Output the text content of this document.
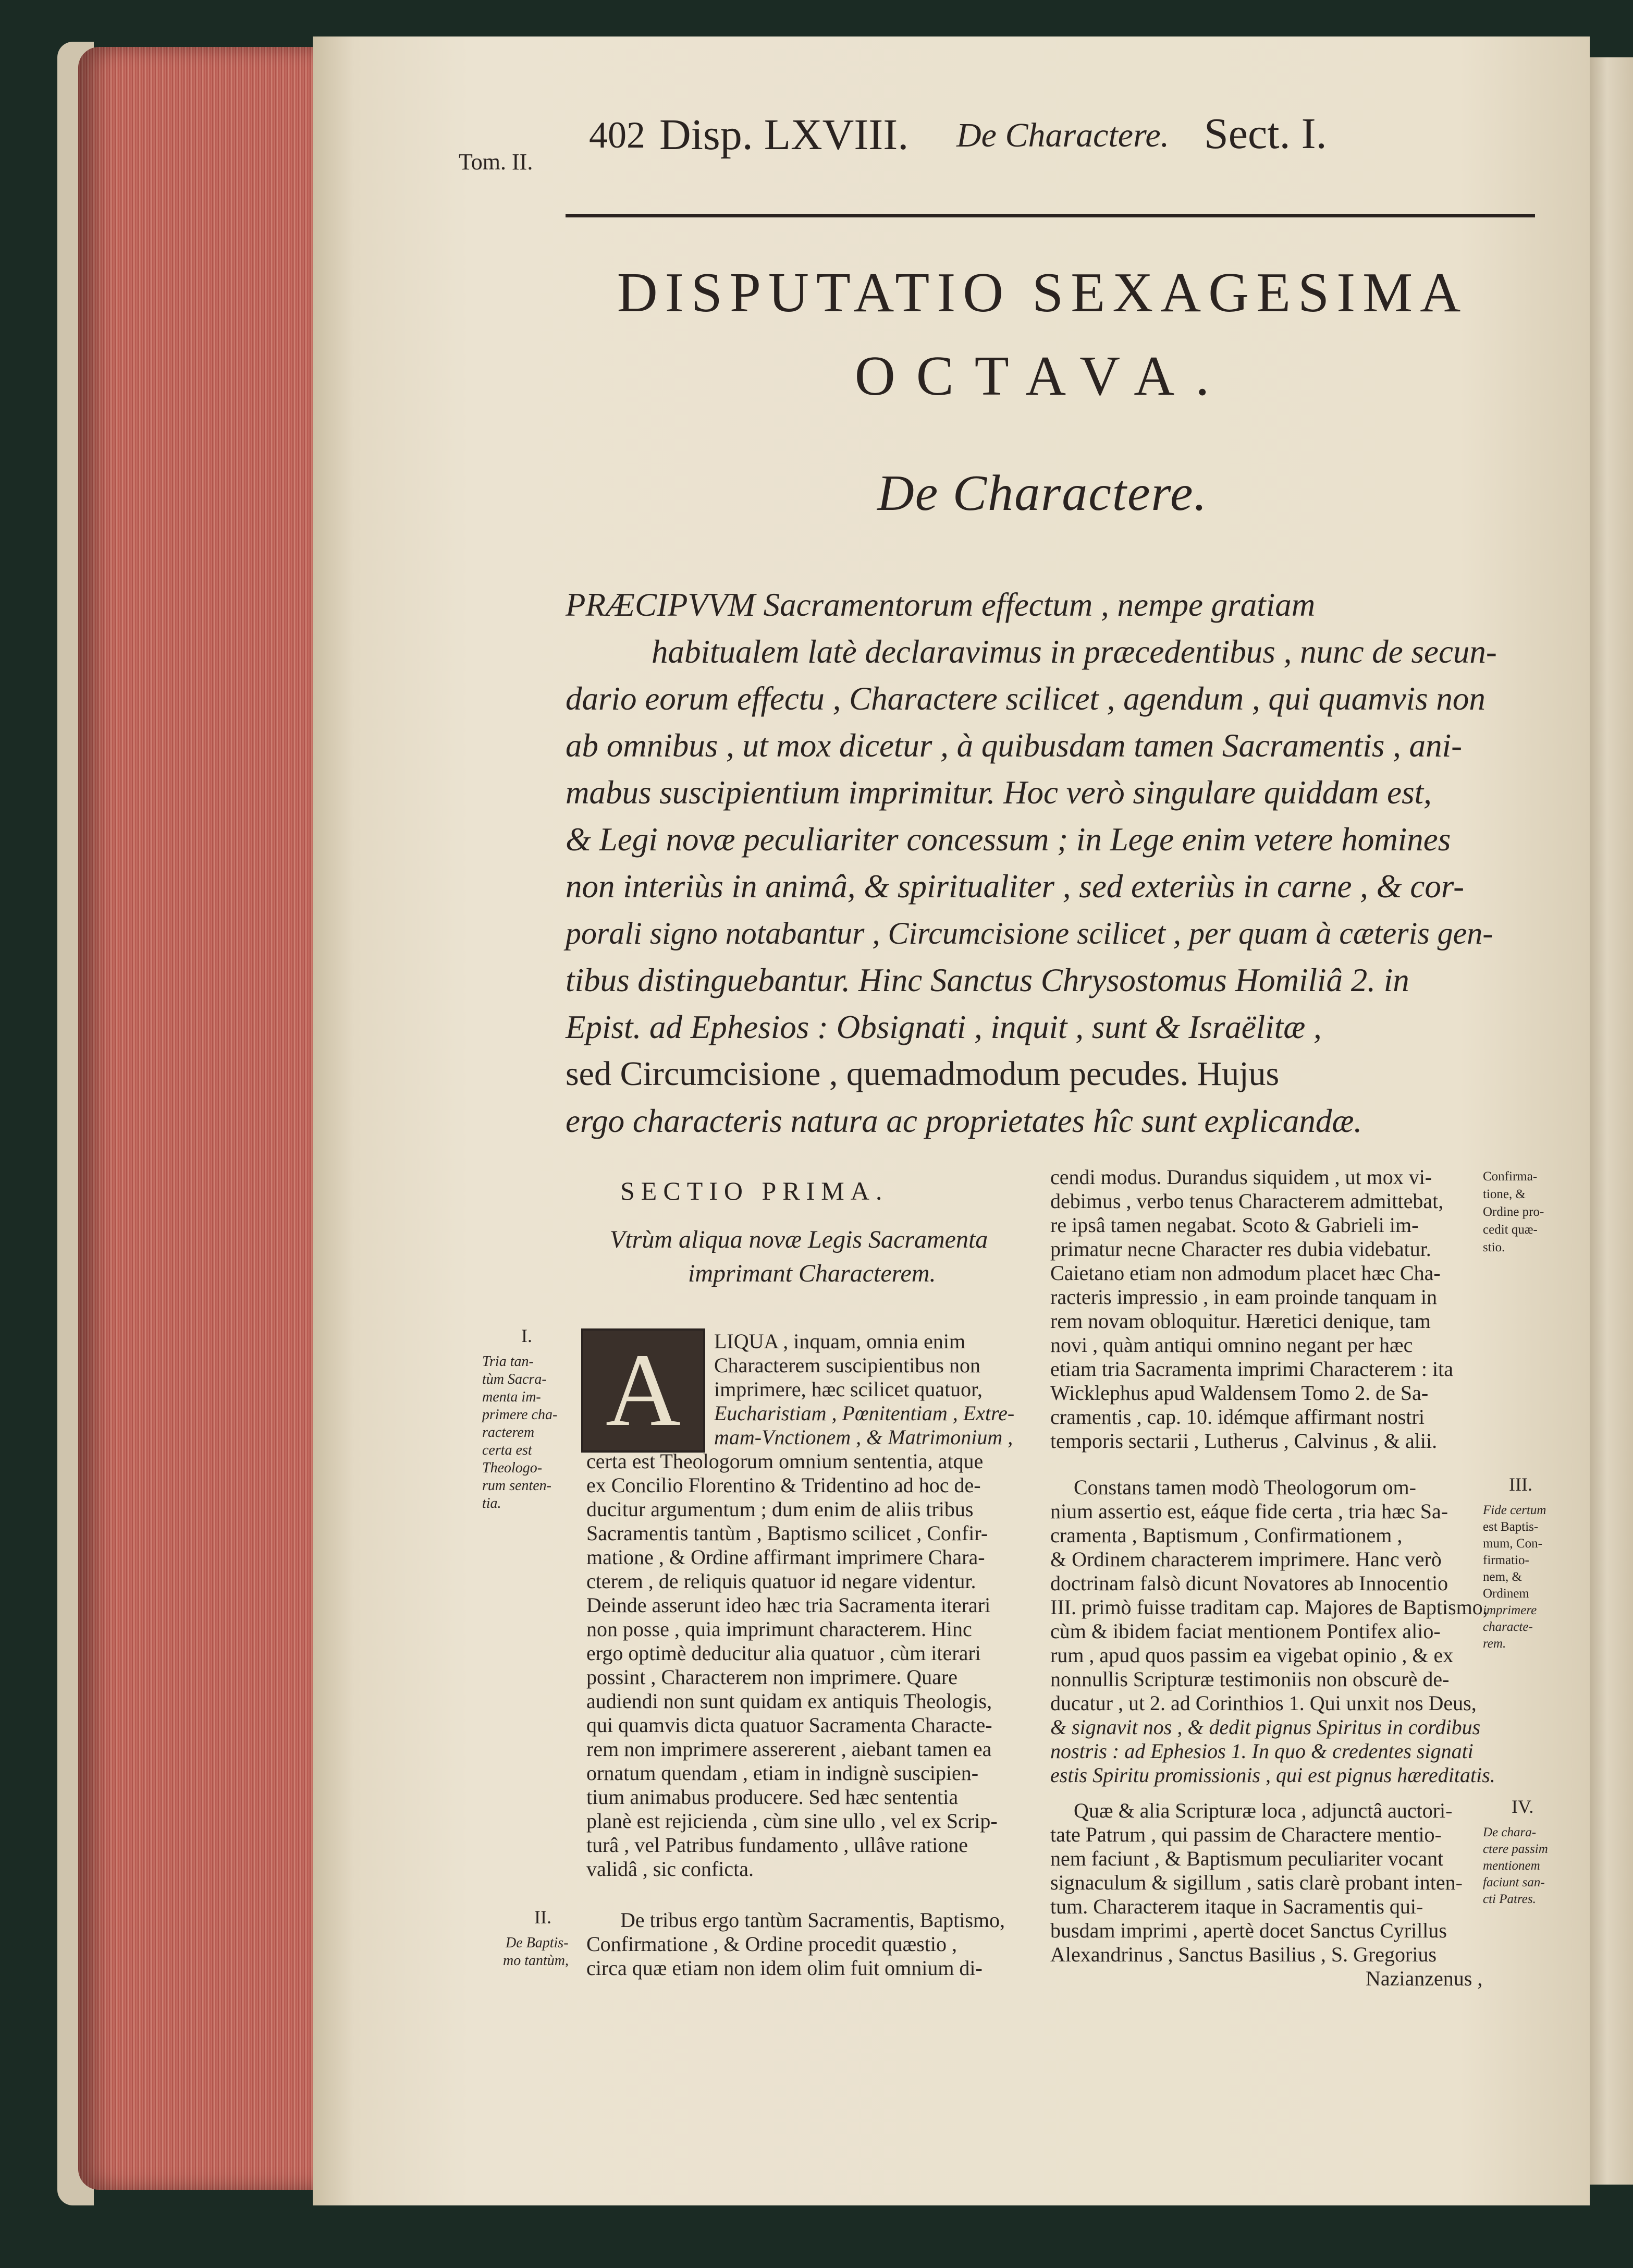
Tom. II.
402 Disp. LXVIII. De Charactere. Sect. I.
DISPUTATIO SEXAGESIMA
OCTAVA.
De Charactere.
PRÆCIPVVM Sacramentorum effectum , nempe gratiam
habitualem latè declaravimus in præcedentibus , nunc de secun-
dario eorum effectu , Charactere scilicet , agendum , qui quamvis non
ab omnibus , ut mox dicetur , à quibusdam tamen Sacramentis , ani-
mabus suscipientium imprimitur. Hoc verò singulare quiddam est,
& Legi novæ peculiariter concessum ; in Lege enim vetere homines
non interiùs in animâ, & spiritualiter , sed exteriùs in carne , & cor-
porali signo notabantur , Circumcisione scilicet , per quam à cæteris gen-
tibus distinguebantur. Hinc Sanctus Chrysostomus Homiliâ 2. in
Epist. ad Ephesios : Obsignati , inquit , sunt & Israëlitæ ,
sed Circumcisione , quemadmodum pecudes. Hujus
ergo characteris natura ac proprietates hîc sunt explicandæ.
SECTIO PRIMA.
Vtrùm aliqua novæ Legis Sacramenta
imprimant Characterem.
A	LIQUA , inquam, omnia enim
Characterem suscipientibus non
imprimere, hæc scilicet quatuor,
Eucharistiam , Pœnitentiam , Extre-
mam-Vnctionem , & Matrimonium ,
certa est Theologorum omnium sententia, atque
ex Concilio Florentino & Tridentino ad hoc de-
ducitur argumentum ; dum enim de aliis tribus
Sacramentis tantùm , Baptismo scilicet , Confir-
matione , & Ordine affirmant imprimere Chara-
cterem , de reliquis quatuor id negare videntur.
Deinde asserunt ideo hæc tria Sacramenta iterari
non posse , quia imprimunt characterem. Hinc
ergo optimè deducitur alia quatuor , cùm iterari
possint , Characterem non imprimere. Quare
audiendi non sunt quidam ex antiquis Theologis,
qui quamvis dicta quatuor Sacramenta Characte-
rem non imprimere assererent , aiebant tamen ea
ornatum quendam , etiam in indignè suscipien-
tium animabus producere. Sed hæc sententia
planè est rejicienda , cùm sine ullo , vel ex Scrip-
turâ , vel Patribus fundamento , ullâve ratione
validâ , sic conficta.
De tribus ergo tantùm Sacramentis, Baptismo,
Confirmatione , & Ordine procedit quæstio ,
circa quæ etiam non idem olim fuit omnium di-
I.
Tria tan-
tùm Sacra-
menta im-
primere cha-
racterem
certa est
Theologo-
rum senten-
tia.
II.
De Baptis-
mo tantùm,
cendi modus. Durandus siquidem , ut mox vi-
debimus , verbo tenus Characterem admittebat,
re ipsâ tamen negabat. Scoto & Gabrieli im-
primatur necne Character res dubia videbatur.
Caietano etiam non admodum placet hæc Cha-
racteris impressio , in eam proinde tanquam in
rem novam obloquitur. Hæretici denique, tam
novi , quàm antiqui omnino negant per hæc
etiam tria Sacramenta imprimi Characterem : ita
Wicklephus apud Waldensem Tomo 2. de Sa-
cramentis , cap. 10. idémque affirmant nostri
temporis sectarii , Lutherus , Calvinus , & alii.
Constans tamen modò Theologorum om-
nium assertio est, eáque fide certa , tria hæc Sa-
cramenta , Baptismum , Confirmationem ,
& Ordinem characterem imprimere. Hanc verò
doctrinam falsò dicunt Novatores ab Innocentio
III. primò fuisse traditam cap. Majores de Baptismo,
cùm & ibidem faciat mentionem Pontifex alio-
rum , apud quos passim ea vigebat opinio , & ex
nonnullis Scripturæ testimoniis non obscurè de-
ducatur , ut 2. ad Corinthios 1. Qui unxit nos Deus,
& signavit nos , & dedit pignus Spiritus in cordibus
nostris : ad Ephesios 1. In quo & credentes signati
estis Spiritu promissionis , qui est pignus hæreditatis.
Quæ & alia Scripturæ loca , adjunctâ auctori-
tate Patrum , qui passim de Charactere mentio-
nem faciunt , & Baptismum peculiariter vocant
signaculum & sigillum , satis clarè probant inten-
tum. Characterem itaque in Sacramentis qui-
busdam imprimi , apertè docet Sanctus Cyrillus
Alexandrinus , Sanctus Basilius , S. Gregorius
Nazianzenus ,
Confirma-
tione, &
Ordine pro-
cedit quæ-
stio.
III.
Fide certum
est Baptis-
mum, Con-
firmatio-
nem, &
Ordinem
imprimere
characte-
rem.
IV.
De chara-
ctere passim
mentionem
faciunt san-
cti Patres.
